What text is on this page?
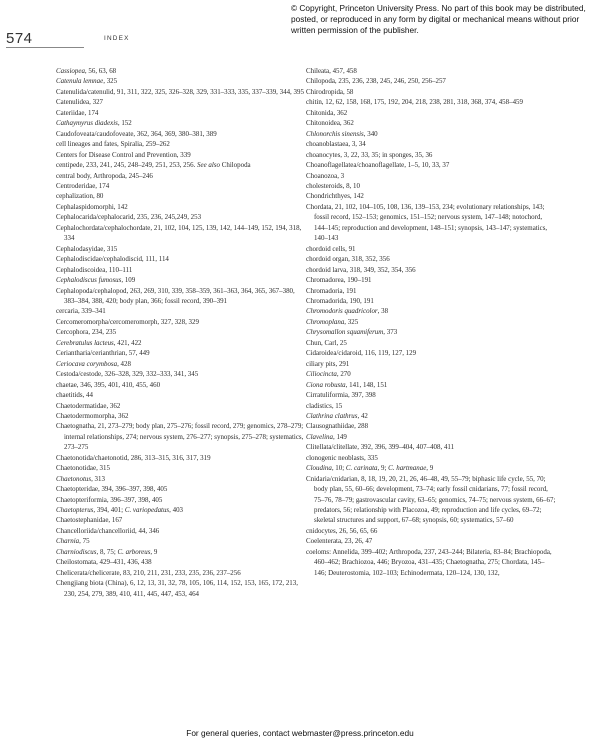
© Copyright, Princeton University Press. No part of this book may be distributed, posted, or reproduced in any form by digital or mechanical means without prior written permission of the publisher.
574	INDEX

Cassiopea, 56, 63, 68

Catenula lemnae, 325

Catenulida/catenulid, 91, 311, 322, 325, 326–328, 329, 331–333, 335, 337–339, 344, 395

Catenulidea, 327

Cateriidae, 174

Cathaymyrus diadexis, 152

Caudofoveata/caudofoveate, 362, 364, 369, 380–381, 389

cell lineages and fates, Spiralia, 259–262

Centers for Disease Control and Prevention, 339

centipede, 233, 241, 245, 248–249, 251, 253, 256. See also Chilopoda

central body, Arthropoda, 245–246

Centroderidae, 174

cephalization, 80

Cephalaspidomorphi, 142

Cephalocarida/cephalocarid, 235, 236, 245,249, 253

Cephalochordata/cephalochordate, 21, 102, 104, 125, 139, 142, 144–149, 152, 194, 318, 334

Cephalodasyidae, 315

Cephalodiscidae/cephalodiscid, 111, 114

Cephalodiscoidea, 110–111

Cephalodiscus fumosus, 109

Cephalopoda/cephalopod, 263, 269, 310, 339, 358–359, 361–363, 364, 365, 367–380, 383–384, 388, 420; body plan, 366; fossil record, 390–391

cercaria, 339–341

Cercomeromorpha/cercomeromorph, 327, 328, 329

Cercophora, 234, 235

Cerebratulus lacteus, 421, 422

Ceriantharia/cerianthrian, 57, 449

Ceriocava corymbosa, 428

Cestoda/cestode, 326–328, 329, 332–333, 341, 345

chaetae, 346, 395, 401, 410, 455, 460

chaetitids, 44

Chaetodermatidae, 362

Chaetodermomorpha, 362

Chaetognatha, 21, 273–279; body plan, 275–276; fossil record, 279; genomics, 278–279; internal relationships, 274; nervous system, 276–277; synopsis, 275–278; systematics, 273–275

Chaetonotida/chaetonotid, 286, 313–315, 316, 317, 319

Chaetonotidae, 315

Chaetonotus, 313

Chaetopteridae, 394, 396–397, 398, 405

Chaetopteriformia, 396–397, 398, 405

Chaetopterus, 394, 401; C. variopedatus, 403

Chaetostephanidae, 167

Chancelloriida/chancelloriid, 44, 346

Charnia, 75

Charniodiscus, 8, 75; C. arboreus, 9

Cheilostomata, 429–431, 436, 438

Chelicerata/chelicerate, 83, 210, 211, 231, 233, 235, 236, 237–256

Chengjiang biota (China), 6, 12, 13, 31, 32, 78, 105, 106, 114, 152, 153, 165, 172, 213, 230, 254, 279, 389, 410, 411, 445, 447, 453, 464

Chileata, 457, 458

Chilopoda, 235, 236, 238, 245, 246, 250, 256–257

Chirodropida, 58

chitin, 12, 62, 158, 168, 175, 192, 204, 218, 238, 281, 318, 368, 374, 458–459

Chitonida, 362

Chitonoidea, 362

Chlonorchis sinensis, 340

choanoblastaea, 3, 34

choanocytes, 3, 22, 33, 35; in sponges, 35, 36

Choanoflagellatea/choanoflagellate, 1–5, 10, 33, 37

Choanozoa, 3

cholesteroids, 8, 10

Chondrichthyes, 142

Chordata, 21, 102, 104–105, 108, 136, 139–153, 234; evolutionary relationships, 143; fossil record, 152–153; genomics, 151–152; nervous system, 147–148; notochord, 144–145; reproduction and development, 148–151; synopsis, 143–147; systematics, 140–143

chordoid cells, 91

chordoid organ, 318, 352, 356

chordoid larva, 318, 349, 352, 354, 356

Chromadorea, 190–191

Chromadoria, 191

Chromadorida, 190, 191

Chromodoris quadricolor, 38

Chromoplana, 325

Chrysomallon squamiferum, 373

Chun, Carl, 25

Cidaroidea/cidaroid, 116, 119, 127, 129

ciliary pits, 291

Ciliocincta, 270

Ciona robusta, 141, 148, 151

Cirratuliformia, 397, 398

cladistics, 15

Clathrina clathrus, 42

Clausognathiidae, 288

Clavelina, 149

Clitellata/clitellate, 392, 396, 399–404, 407–408, 411

clonogenic neoblasts, 335

Cloudina, 10; C. carinata, 9; C. hartmanae, 9

Cnidaria/cnidarian, 8, 18, 19, 20, 21, 26, 46–48, 49, 55–79; biphasic life cycle, 55, 70; body plan, 55, 60–66; development, 73–74; early fossil cnidarians, 77; fossil record, 75–76, 78–79; gastrovascular cavity, 63–65; genomics, 74–75; nervous system, 66–67; predators, 56; relationship with Placozoa, 49; reproduction and life cycles, 69–72; skeletal structures and support, 67–68; synopsis, 60; systematics, 57–60

cnidocytes, 26, 56, 65, 66

Coelenterata, 23, 26, 47

coeloms: Annelida, 399–402; Arthropoda, 237, 243–244; Bilateria, 83–84; Brachiopoda, 460–462; Brachiozoa, 446; Bryozoa, 431–435; Chaetognatha, 275; Chordata, 145–146; Deuterostomia, 102–103; Echinodermata, 120–124, 130, 132,

For general queries, contact webmaster@press.princeton.edu
